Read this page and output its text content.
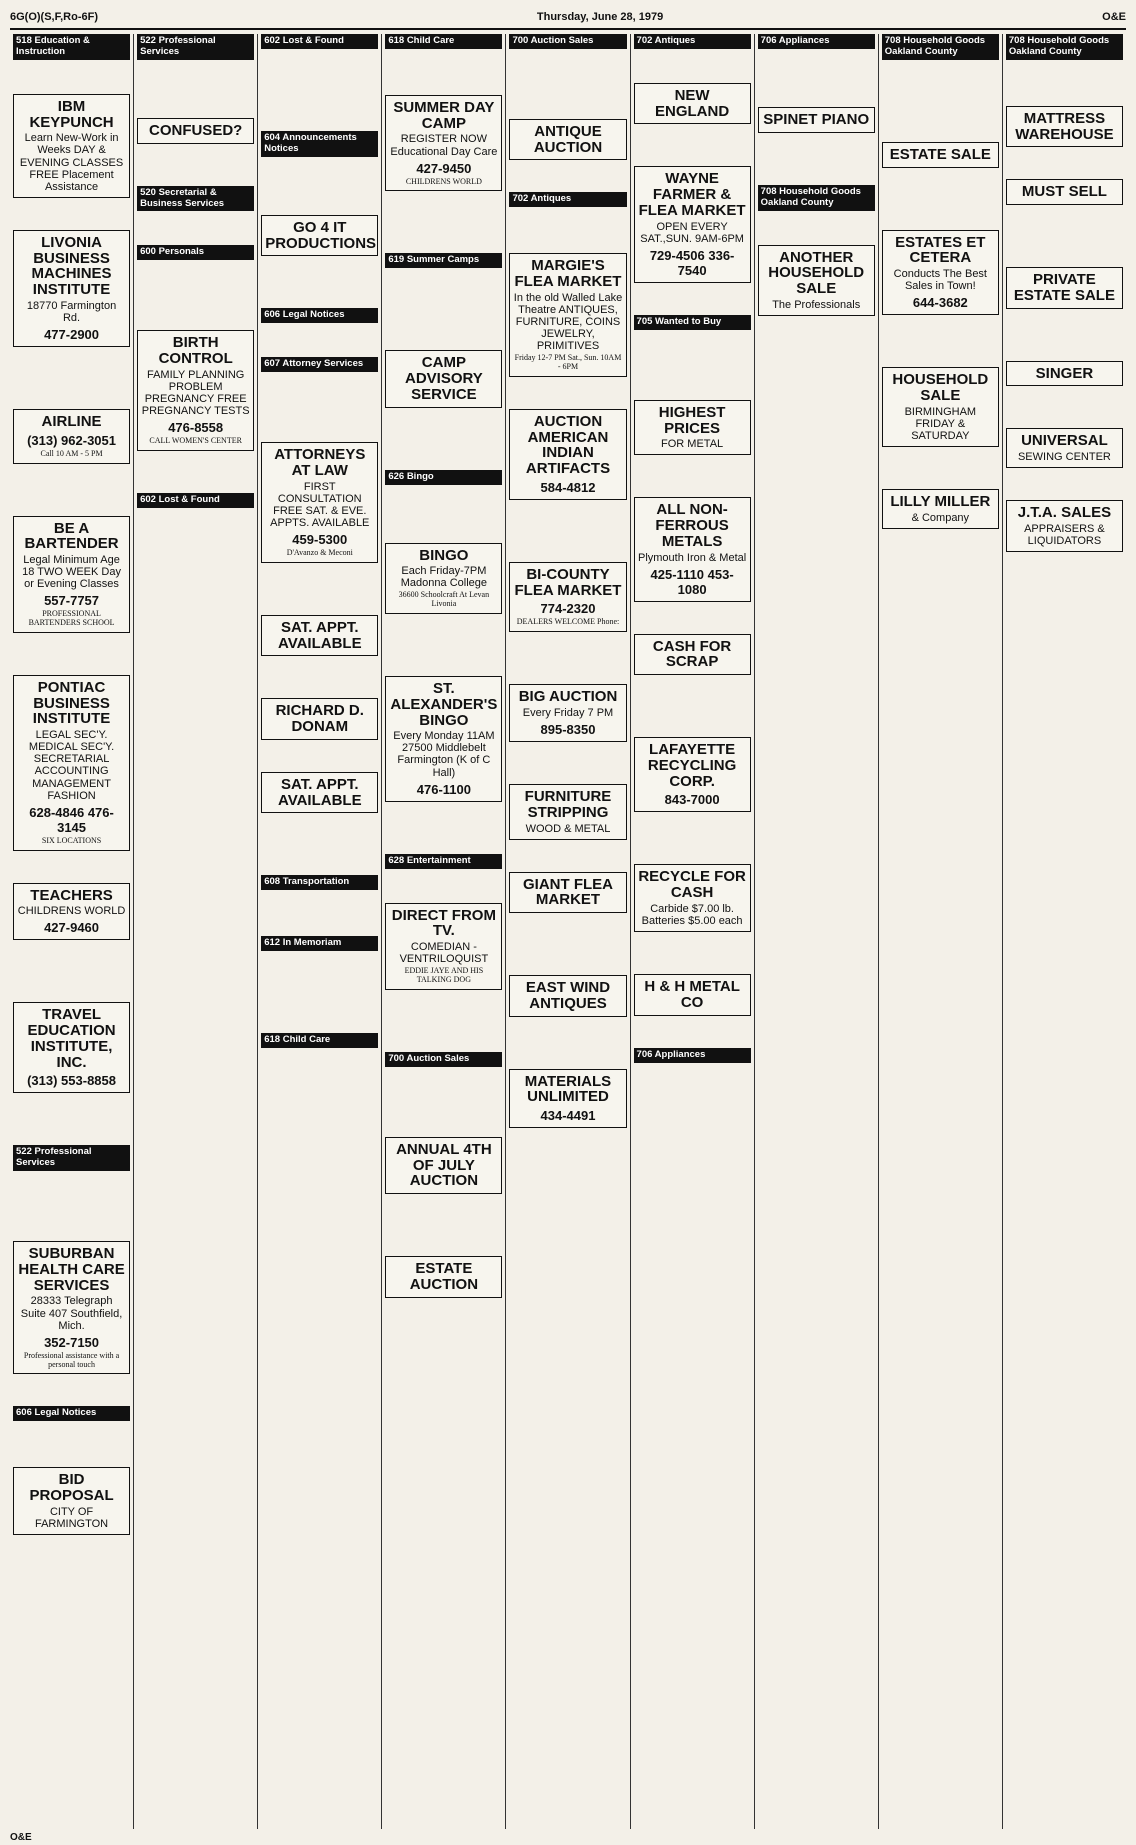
6G(O)(S,F,Ro-6F)	Thursday, June 28, 1979	O&E
518 Education & Instruction
IBM KEYPUNCH
Learn New-Work in Weeks DAY & EVENING CLASSES FREE Placement Assistance
LIVONIA BUSINESS MACHINES INSTITUTE
18770 Farmington Rd.
477-2900
AIRLINE
(313) 962-3051
Call 10 AM - 5 PM
BE A BARTENDER
Legal Minimum Age 18 TWO WEEK Day or Evening Classes
557-7757
PROFESSIONAL BARTENDERS SCHOOL
PONTIAC BUSINESS INSTITUTE
LEGAL SEC'Y. MEDICAL SEC'Y. SECRETARIAL ACCOUNTING MANAGEMENT FASHION
628-4846 476-3145
SIX LOCATIONS
TEACHERS
CHILDRENS WORLD
427-9460
TRAVEL EDUCATION INSTITUTE, INC.
(313) 553-8858
522 Professional Services
SUBURBAN HEALTH CARE SERVICES
28333 Telegraph Suite 407 Southfield, Mich.
352-7150
Professional assistance with a personal touch
606 Legal Notices
BID PROPOSAL
CITY OF FARMINGTON
522 Professional Services
CONFUSED?
520 Secretarial & Business Services
600 Personals
BIRTH CONTROL
FAMILY PLANNING PROBLEM PREGNANCY FREE PREGNANCY TESTS
476-8558
CALL WOMEN'S CENTER
602 Lost & Found
602 Lost & Found
604 Announcements Notices
GO 4 IT PRODUCTIONS
606 Legal Notices
607 Attorney Services
ATTORNEYS AT LAW
FIRST CONSULTATION FREE SAT. & EVE. APPTS. AVAILABLE
459-5300
D'Avanzo & Meconi
SAT. APPT. AVAILABLE
RICHARD D. DONAM
SAT. APPT. AVAILABLE
608 Transportation
612 In Memoriam
618 Child Care
618 Child Care
SUMMER DAY CAMP
REGISTER NOW Educational Day Care
427-9450
CHILDRENS WORLD
619 Summer Camps
CAMP ADVISORY SERVICE
626 Bingo
BINGO
Each Friday-7PM Madonna College
36600 Schoolcraft At Levan Livonia
ST. ALEXANDER'S BINGO
Every Monday 11AM 27500 Middlebelt Farmington (K of C Hall)
476-1100
628 Entertainment
DIRECT FROM TV.
COMEDIAN - VENTRILOQUIST
EDDIE JAYE AND HIS TALKING DOG
700 Auction Sales
ANNUAL 4TH OF JULY AUCTION
ESTATE AUCTION
700 Auction Sales
ANTIQUE AUCTION
702 Antiques
MARGIE'S FLEA MARKET
In the old Walled Lake Theatre ANTIQUES, FURNITURE, COINS JEWELRY, PRIMITIVES
Friday 12-7 PM Sat., Sun. 10AM - 6PM
AUCTION AMERICAN INDIAN ARTIFACTS
584-4812
BI-COUNTY FLEA MARKET
774-2320
DEALERS WELCOME Phone:
BIG AUCTION
Every Friday 7 PM
895-8350
FURNITURE STRIPPING
WOOD & METAL
GIANT FLEA MARKET
EAST WIND ANTIQUES
MATERIALS UNLIMITED
434-4491
702 Antiques
NEW ENGLAND
WAYNE FARMER & FLEA MARKET
OPEN EVERY SAT.,SUN. 9AM-6PM
729-4506 336-7540
705 Wanted to Buy
HIGHEST PRICES
FOR METAL
ALL NON-FERROUS METALS
Plymouth Iron & Metal
425-1110 453-1080
CASH FOR SCRAP
LAFAYETTE RECYCLING CORP.
843-7000
RECYCLE FOR CASH
Carbide $7.00 lb. Batteries $5.00 each
H & H METAL CO
706 Appliances
706 Appliances
SPINET PIANO
708 Household Goods Oakland County
ANOTHER HOUSEHOLD SALE
The Professionals
708 Household Goods Oakland County
ESTATE SALE
ESTATES ET CETERA
Conducts The Best Sales in Town!
644-3682
HOUSEHOLD SALE
BIRMINGHAM FRIDAY & SATURDAY
LILLY MILLER
& Company
708 Household Goods Oakland County
MATTRESS WAREHOUSE
MUST SELL
PRIVATE ESTATE SALE
SINGER
UNIVERSAL
SEWING CENTER
J.T.A. SALES
APPRAISERS & LIQUIDATORS
O&E
